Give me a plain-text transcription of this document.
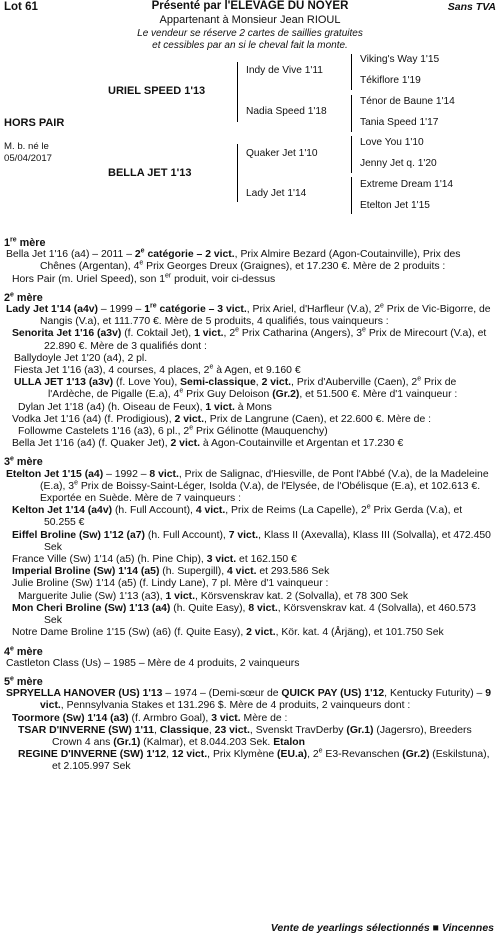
Lot 61	Présenté par l'ELEVAGE DU NOYER	Sans TVA
Appartenant à Monsieur Jean RIOUL
Le vendeur se réserve 2 cartes de saillies gratuites
et cessibles par an si le cheval fait la monte.
HORS PAIR
M. b. né le
05/04/2017
URIEL SPEED 1'13
BELLA JET 1'13
Indy de Vive 1'11
Nadia Speed 1'18
Quaker Jet 1'10
Lady Jet 1'14
Viking's Way 1'15
Tékiflore 1'19
Ténor de Baune 1'14
Tania Speed 1'17
Love You 1'10
Jenny Jet q. 1'20
Extreme Dream 1'14
Etelton Jet 1'15

1re mère

Bella Jet 1'16 (a4) – 2011 – 2e catégorie – 2 vict., Prix Almire Bezard (Agon-Coutainville), Prix des Chênes (Argentan), 4e Prix Georges Dreux (Graignes), et 17.230 €. Mère de 2 produits :

Hors Pair (m. Uriel Speed), son 1er produit, voir ci-dessus

2e mère

Lady Jet 1'14 (a4v) – 1999 – 1re catégorie – 3 vict., Prix Ariel, d'Harfleur (V.a), 2e Prix de Vic-Bigorre, de Nangis (V.a), et 111.770 €. Mère de 5 produits, 4 qualifiés, tous vainqueurs :

Senorita Jet 1'16 (a3v) (f. Coktail Jet), 1 vict., 2e Prix Catharina (Angers), 3e Prix de Mirecourt (V.a), et 22.890 €. Mère de 3 qualifiés dont :

Ballydoyle Jet 1'20 (a4), 2 pl.

Fiesta Jet 1'16 (a3), 4 courses, 4 places, 2e à Agen, et 9.160 €

ULLA JET 1'13 (a3v) (f. Love You), Semi-classique, 2 vict., Prix d'Auberville (Caen), 2e Prix de l'Ardèche, de Pigalle (E.a), 4e Prix Guy Deloison (Gr.2), et 51.500 €. Mère d'1 vainqueur :

Dylan Jet 1'18 (a4) (h. Oiseau de Feux), 1 vict. à Mons

Vodka Jet 1'16 (a4) (f. Prodigious), 2 vict., Prix de Langrune (Caen), et 22.600 €. Mère de :

Followme Castelets 1'16 (a3), 6 pl., 2e Prix Gélinotte (Mauquenchy)

Bella Jet 1'16 (a4) (f. Quaker Jet), 2 vict. à Agon-Coutainville et Argentan et 17.230 €

3e mère

Etelton Jet 1'15 (a4) – 1992 – 8 vict., Prix de Salignac, d'Hiesville, de Pont l'Abbé (V.a), de la Madeleine (E.a), 3e Prix de Boissy-Saint-Léger, Isolda (V.a), de l'Elysée, de l'Obélisque (E.a), et 102.613 €. Exportée en Suède. Mère de 7 vainqueurs :

Kelton Jet 1'14 (a4v) (h. Full Account), 4 vict., Prix de Reims (La Capelle), 2e Prix Gerda (V.a), et 50.255 €

Eiffel Broline (Sw) 1'12 (a7) (h. Full Account), 7 vict., Klass II (Axevalla), Klass III (Solvalla), et 472.450 Sek

France Ville (Sw) 1'14 (a5) (h. Pine Chip), 3 vict. et 162.150 €

Imperial Broline (Sw) 1'14 (a5) (h. Supergill), 4 vict. et 293.586 Sek

Julie Broline (Sw) 1'14 (a5) (f. Lindy Lane), 7 pl. Mère d'1 vainqueur :

Marguerite Julie (Sw) 1'13 (a3), 1 vict., Körsvenskrav kat. 2 (Solvalla), et 78 300 Sek

Mon Cheri Broline (Sw) 1'13 (a4) (h. Quite Easy), 8 vict., Körsvenskrav kat. 4 (Solvalla), et 460.573 Sek

Notre Dame Broline 1'15 (Sw) (a6) (f. Quite Easy), 2 vict., Kör. kat. 4 (Årjäng), et 101.750 Sek

4e mère

Castleton Class (Us) – 1985 – Mère de 4 produits, 2 vainqueurs

5e mère

SPRYELLA HANOVER (US) 1'13 – 1974 – (Demi-sœur de QUICK PAY (US) 1'12, Kentucky Futurity) – 9 vict., Pennsylvania Stakes et 131.296 $. Mère de 4 produits, 2 vainqueurs dont :

Toormore (Sw) 1'14 (a3) (f. Armbro Goal), 3 vict. Mère de :

TSAR D'INVERNE (SW) 1'11, Classique, 23 vict., Svenskt TravDerby (Gr.1) (Jagersro), Breeders Crown 4 ans (Gr.1) (Kalmar), et 8.044.203 Sek. Etalon

REGINE D'INVERNE (SW) 1'12, 12 vict., Prix Klymène (EU.a), 2e E3-Revanschen (Gr.2) (Eskilstuna), et 2.105.997 Sek

Vente de yearlings sélectionnés ■ Vincennes
